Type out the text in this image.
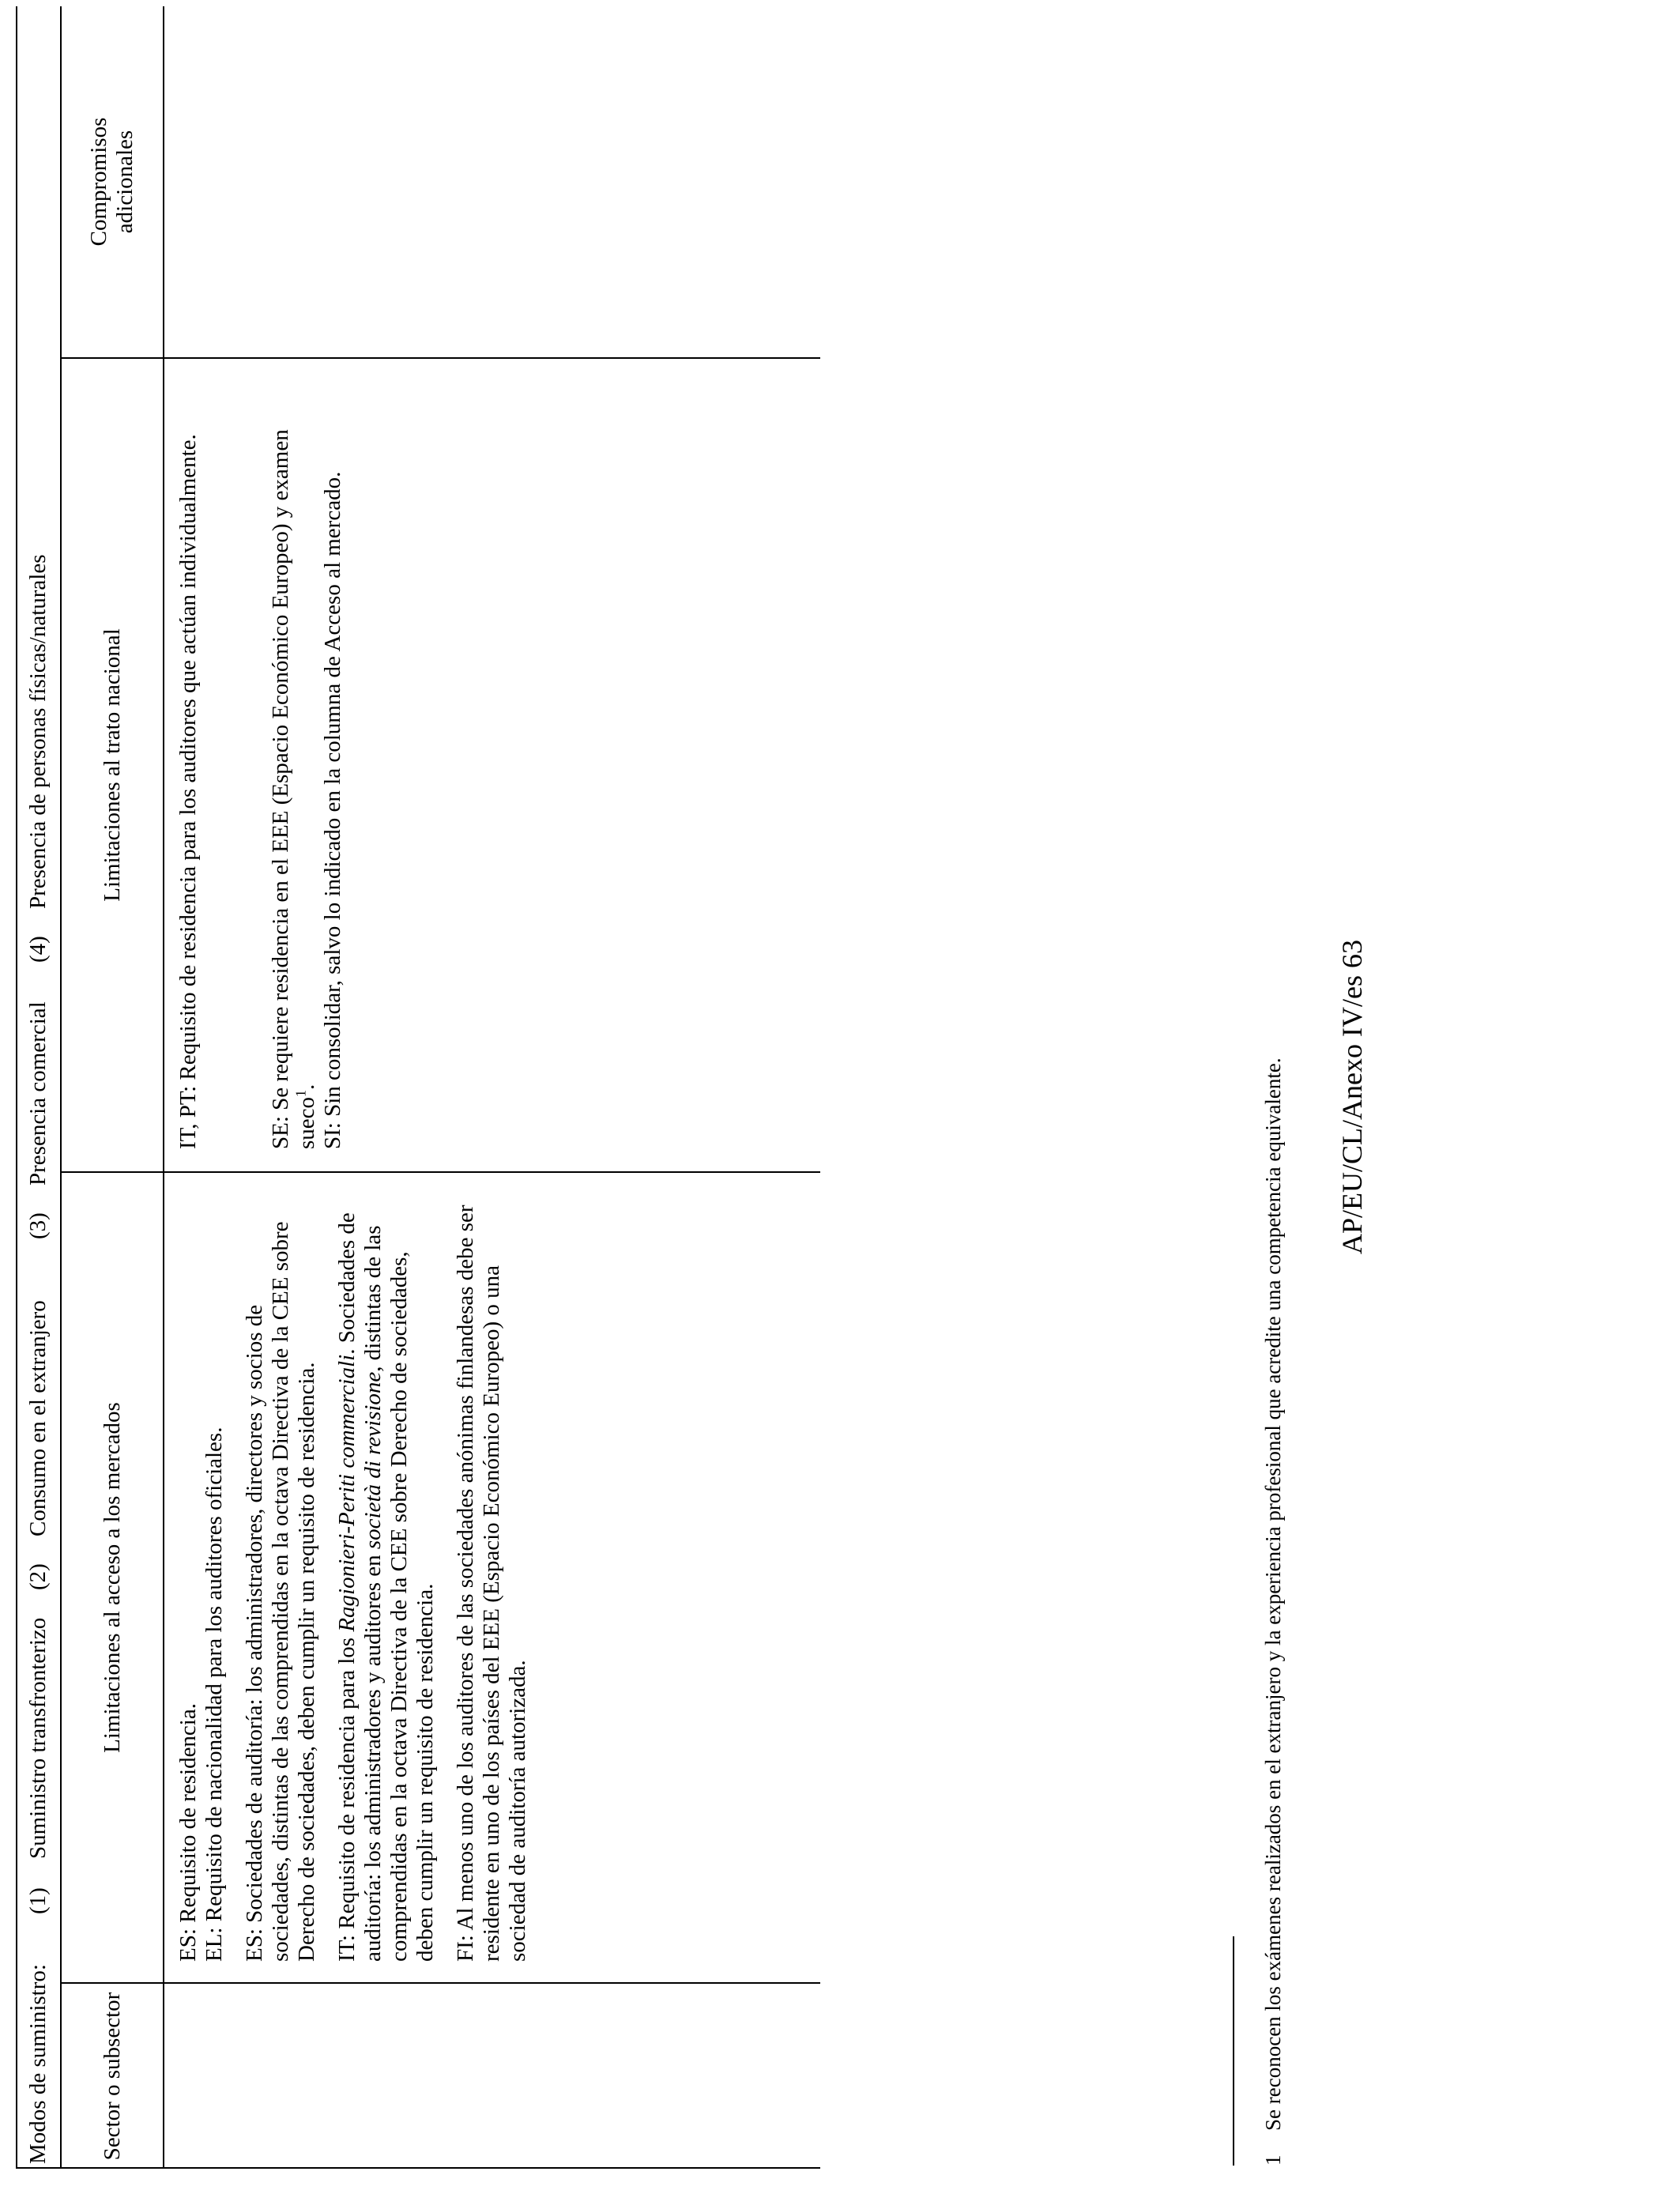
Modos de suministro:
(1)
Suministro transfronterizo
(2)
Consumo en el extranjero
(3)
Presencia comercial
(4)
Presencia de personas físicas/naturales
Sector o subsector
Limitaciones al acceso a los mercados
Limitaciones al trato nacional
Compromisos adicionales

ES: Requisito de residencia. EL: Requisito de nacionalidad para los auditores oficiales. ES: Sociedades de auditoría: los administradores, directores y socios de sociedades, distintas de las comprendidas en la octava Directiva de la CEE sobre Derecho de sociedades, deben cumplir un requisito de residencia. IT: Requisito de residencia para los Ragionieri-Periti commerciali. Sociedades de auditoría: los administradores y auditores en società di revisione, distintas de las comprendidas en la octava Directiva de la CEE sobre Derecho de sociedades, deben cumplir un requisito de residencia. FI: Al menos uno de los auditores de las sociedades anónimas finlandesas debe ser residente en uno de los países del EEE (Espacio Económico Europeo) o una sociedad de auditoría autorizada.

IT, PT: Requisito de residencia para los auditores que actúan individualmente.	SE: Se requiere residencia en el EEE (Espacio Económico Europeo) y examen sueco$^1$. SI: Sin consolidar, salvo lo indicado en la columna de Acceso al mercado.

1Se reconocen los exámenes realizados en el extranjero y la experiencia profesional que acredite una competencia equivalente. AP/EU/CL/Anexo IV/es 63
